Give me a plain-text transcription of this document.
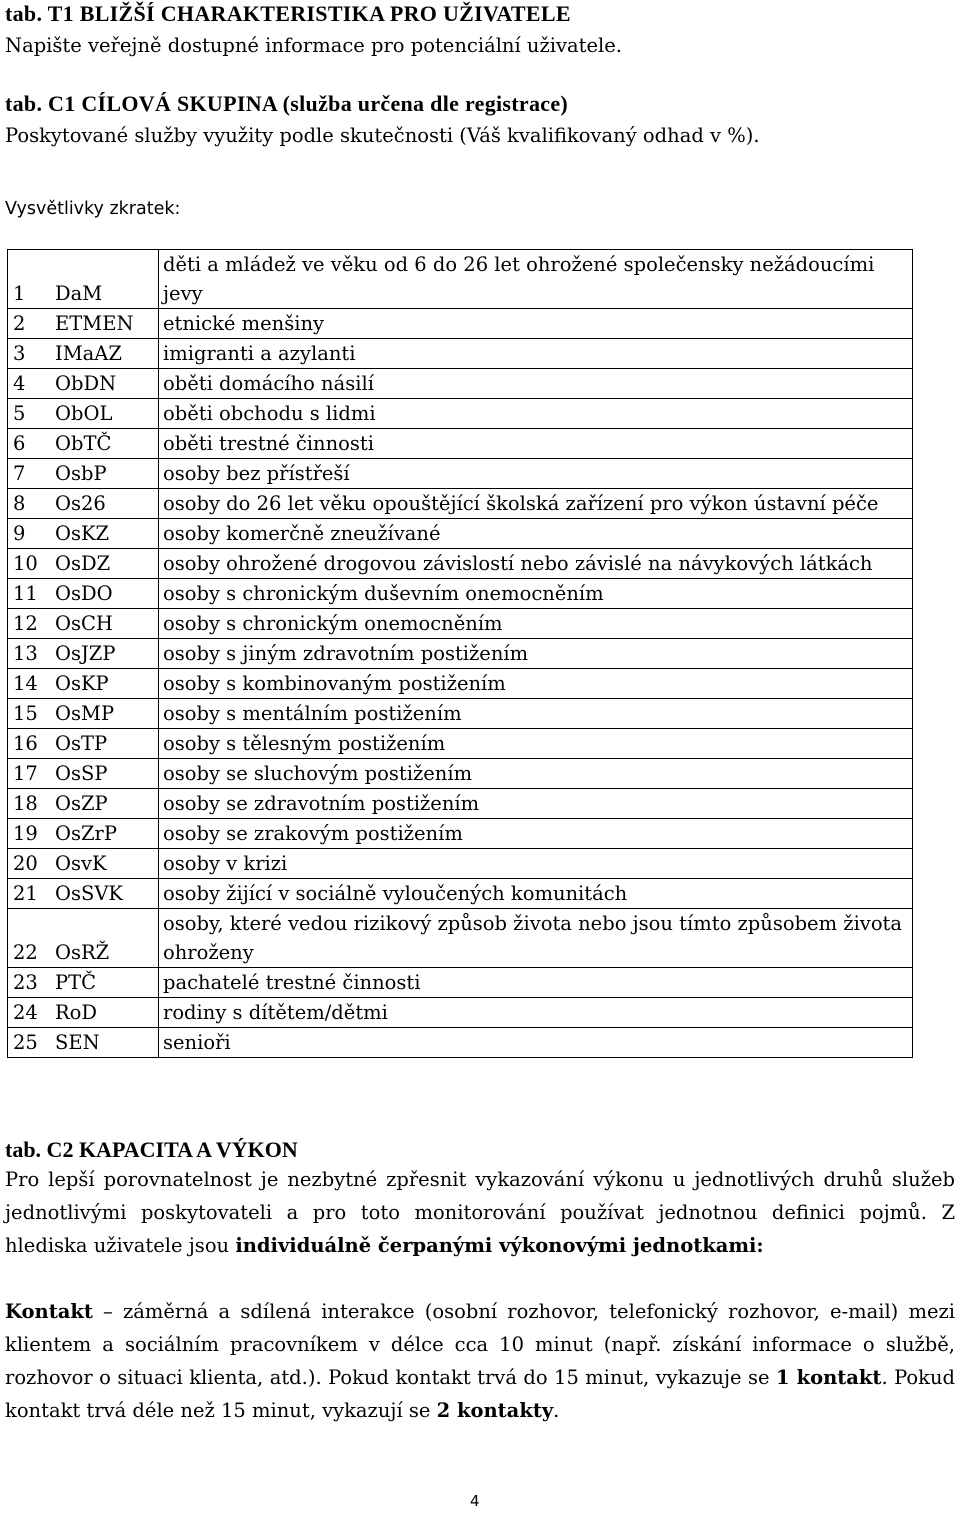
tab. T1 BLIŽŠÍ CHARAKTERISTIKA PRO UŽIVATELE
Napište veřejně dostupné informace pro potenciální uživatele.
tab. C1 CÍLOVÁ SKUPINA (služba určena dle registrace)
Poskytované služby využity podle skutečnosti (Váš kvalifikovaný odhad v %).
Vysvětlivky zkratek:
1	DaM	děti a mládež ve věku od 6 do 26 let ohrožené společensky nežádoucími jevy
2	ETMEN	etnické menšiny
3	IMaAZ	imigranti a azylanti
4	ObDN	oběti domácího násilí
5	ObOL	oběti obchodu s lidmi
6	ObTČ	oběti trestné činnosti
7	OsbP	osoby bez přístřeší
8	Os26	osoby do 26 let věku opouštějící školská zařízení pro výkon ústavní péče
9	OsKZ	osoby komerčně zneužívané
10	OsDZ	osoby ohrožené drogovou závislostí nebo závislé na návykových látkách
11	OsDO	osoby s chronickým duševním onemocněním
12	OsCH	osoby s chronickým onemocněním
13	OsJZP	osoby s jiným zdravotním postižením
14	OsKP	osoby s kombinovaným postižením
15	OsMP	osoby s mentálním postižením
16	OsTP	osoby s tělesným postižením
17	OsSP	osoby se sluchovým postižením
18	OsZP	osoby se zdravotním postižením
19	OsZrP	osoby se zrakovým postižením
20	OsvK	osoby v krizi
21	OsSVK	osoby žijící v sociálně vyloučených komunitách
22	OsRŽ	osoby, které vedou rizikový způsob života nebo jsou tímto způsobem života ohroženy
23	PTČ	pachatelé trestné činnosti
24	RoD	rodiny s dítětem/dětmi
25	SEN	senioři
tab. C2 KAPACITA A VÝKON
Pro lepší porovnatelnost je nezbytné zpřesnit vykazování výkonu u jednotlivých druhů služeb jednotlivými poskytovateli a pro toto monitorování používat jednotnou definici pojmů. Z hlediska uživatele jsou individuálně čerpanými výkonovými jednotkami:
Kontakt – záměrná a sdílená interakce (osobní rozhovor, telefonický rozhovor, e-mail) mezi klientem a sociálním pracovníkem v délce cca 10 minut (např. získání informace o službě, rozhovor o situaci klienta, atd.). Pokud kontakt trvá do 15 minut, vykazuje se 1 kontakt. Pokud kontakt trvá déle než 15 minut, vykazují se 2 kontakty.
4
